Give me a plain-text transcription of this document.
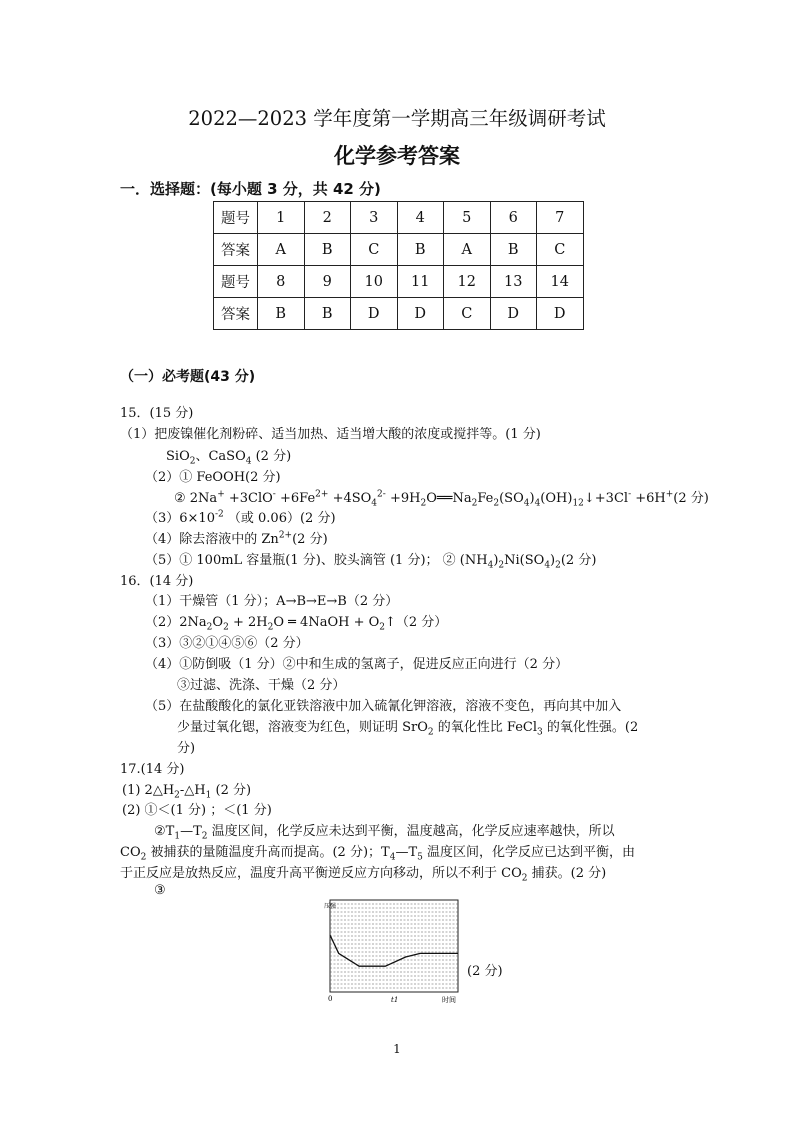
2022—2023 学年度第一学期高三年级调研考试
化学参考答案
一．选择题：(每小题 3 分，共 42 分)
题号	1	2	3	4	5	6	7
答案	A	B	C	B	A	B	C
题号	8	9	10	11	12	13	14
答案	B	B	D	D	C	D	D
（一）必考题(43 分)
15．(15 分)
（1）把废镍催化剂粉碎、适当加热、适当增大酸的浓度或搅拌等。(1 分)
SiO$_2$、CaSO$_4$ (2 分)
（2）① FeOOH(2 分)
② $2Na^+ +3ClO^- +6Fe^{2+} +4SO_4^{2-}$ $+9H_2O══Na_2Fe_2(SO_4)_4(OH)_{12}↓+3Cl^- +6H^+(2$ 分)
$(3)6\times 10^{-2}$ （或 0.06）(2 分)
（4）除去溶液中的 $Zn^{2+}(2$ 分)
（5）① 100mL 容量瓶(1 分)、胶头滴管 (1 分)； ② $(NH_4)_2Ni(SO_4)_2(2$ 分)
16．(14 分)
（1）干燥管（1 分）；A→B→E→B（2 分）
$(2)2Na_2O_2 + 2H_2O$ ═ 4NaOH + $O_2↑(2$ 分）
（3）③②①④⑤⑥（2 分）
（4）①防倒吸（1 分）②中和生成的氢离子，促进反应正向进行（2 分）
③过滤、洗涤、干燥（2 分）
（5）在盐酸酸化的氯化亚铁溶液中加入硫氰化钾溶液，溶液不变色，再向其中加入
少量过氧化锶，溶液变为红色，则证明 SrO$_2$ 的氧化性比 FeCl$_3$ 的氧化性强。(2
分)
17.(14 分)
(1) $2\triangle H_2-\triangle H_1$ (2 分)
(2) ①＜(1 分) ；＜(1 分)
$②T_1—T_2$ 温度区间，化学反应未达到平衡，温度越高，化学反应速率越快，所以
$CO_2$ 被捕获的量随温度升高而提高。(2 分)；$T_4—T_5$ 温度区间，化学反应已达到平衡，由
于正反应是放热反应，温度升高平衡逆反应方向移动，所以不利于 $CO_2$ 捕获。(2 分)
③
压强
0	t1	时间
(2 分)
1
